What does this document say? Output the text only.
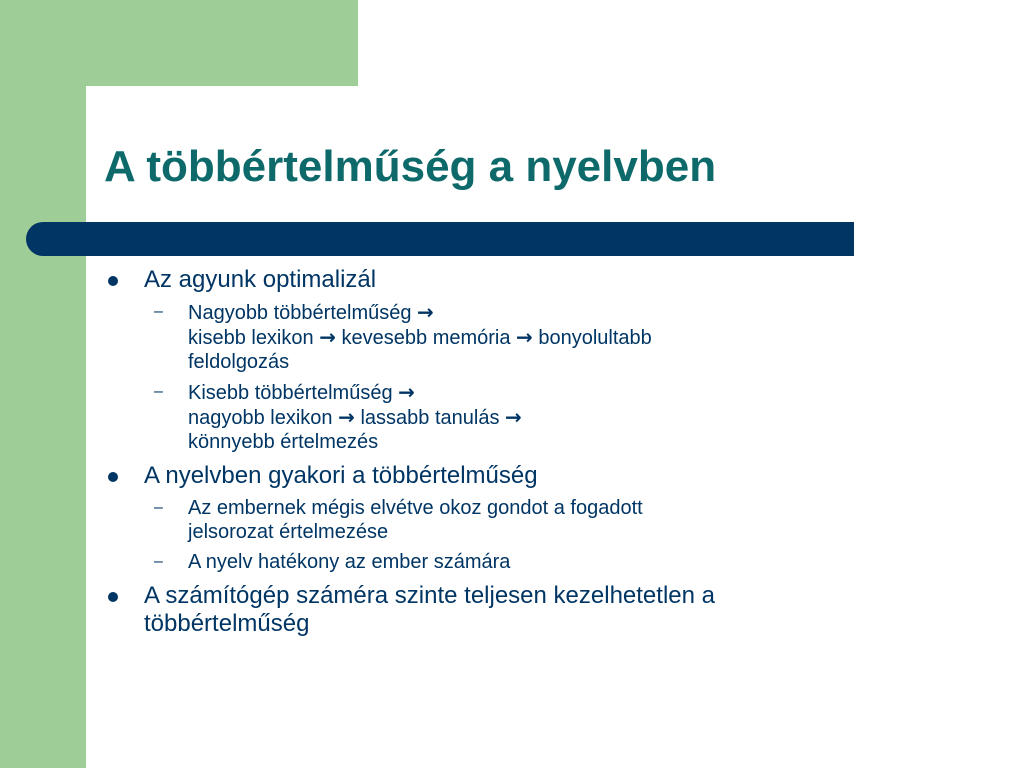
A többértelműség a nyelvben
Az agyunk optimalizál
– Nagyobb többértelműség →
kisebb lexikon → kevesebb memória → bonyolultabb
feldolgozás
– Kisebb többértelműség →
nagyobb lexikon → lassabb tanulás →
könnyebb értelmezés
A nyelvben gyakori a többértelműség
– Az embernek mégis elvétve okoz gondot a fogadott
jelsorozat értelmezése
– A nyelv hatékony az ember számára
A számítógép száméra szinte teljesen kezelhetetlen a
többértelműség
